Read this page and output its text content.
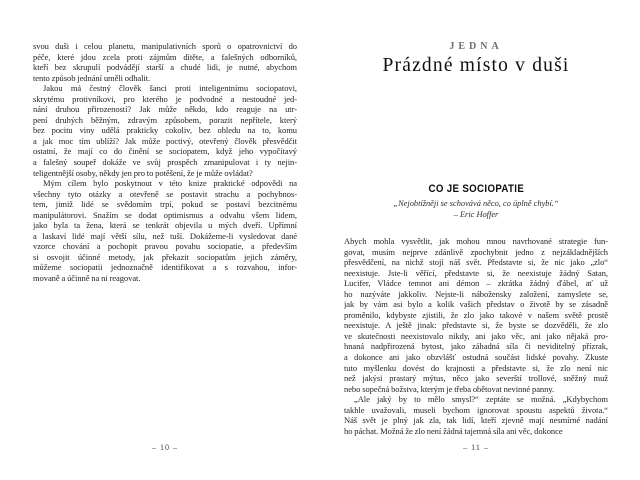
svou duši i celou planetu, manipulativních sporů o opatrovnictví do
péče, které jdou zcela proti zájmům dítěte, a falešných odborníků,
kteří bez skrupulí podvádějí starší a chudé lidi, je nutné, abychom
tento způsob jednání uměli odhalit.
Jakou má čestný člověk šanci proti inteligentnímu sociopatovi,
skrytému protivníkovi, pro kterého je podvodné a nestoudné jed-
nání druhou přirozeností? Jak může někdo, kdo reaguje na utr-
pení druhých běžným, zdravým způsobem, porazit nepřítele, který
bez pocitu viny udělá prakticky cokoliv, bez ohledu na to, komu
a jak moc tím ublíží? Jak může poctivý, otevřený člověk přesvědčit
ostatní, že mají co do činění se sociopatem, když jeho vypočítavý
a falešný soupeř dokáže ve svůj prospěch zmanipulovat i ty nejin-
teligentnější osoby, někdy jen pro to potěšení, že je může ovládat?
Mým cílem bylo poskytnout v této knize praktické odpovědi na
všechny tyto otázky a otevřeně se postavit strachu a pochybnos-
tem, jimiž lidé se svědomím trpí, pokud se postaví bezcitnému
manipulátorovi. Snažím se dodat optimismus a odvahu všem lidem,
jako byla ta žena, která se tenkrát objevila u mých dveří. Upřímní
a laskaví lidé mají větší sílu, než tuší. Dokážeme-li vysledovat dané
vzorce chování a pochopit pravou povahu sociopatie, a především
si osvojit účinné metody, jak překazit sociopatům jejich záměry,
můžeme sociopatii jednoznačně identifikovat a s rozvahou, infor-
movaně a účinně na ni reagovat.
– 10 –
JEDNA
Prázdné místo v duši
CO JE SOCIOPATIE
„Nejobtížněji se schovává něco, co úplně chybí.“
– Eric Hoffer
Abych mohla vysvětlit, jak mohou mnou navrhované strategie fun-
govat, musím nejprve zdánlivě zpochybnit jedno z nejzákladnějších
přesvědčení, na nichž stojí náš svět. Představte si, že nic jako „zlo“
neexistuje. Jste-li věřící, představte si, že neexistuje žádný Satan,
Lucifer, Vládce temnot ani démon – zkrátka žádný ďábel, ať už
ho nazýváte jakkoliv. Nejste-li nábožensky založení, zamyslete se,
jak by vám asi bylo a kolik vašich představ o životě by se zásadně
proměnilo, kdybyste zjistili, že zlo jako takové v našem světě prostě
neexistuje. A ještě jinak: představte si, že byste se dozvěděli, že zlo
ve skutečnosti neexistovalo nikdy, ani jako věc, ani jako nějaká pro-
hnaná nadpřirozená bytost, jako záhadná síla či neviditelný přízrak,
a dokonce ani jako obzvlášť ostudná součást lidské povahy. Zkuste
tuto myšlenku dovést do krajnosti a představte si, že zlo není nic
než jakýsi prastarý mýtus, něco jako severští trollové, sněžný muž
nebo sopečná božstva, kterým je třeba obětovat nevinné panny.
„Ale jaký by to mělo smysl?“ zeptáte se možná. „Kdybychom
takhle uvažovali, museli bychom ignorovat spoustu aspektů života.“
Náš svět je plný jak zla, tak lidí, kteří zjevně mají nesmírné nadání
ho páchat. Možná že zlo není žádná tajemná síla ani věc, dokonce
– 11 –
